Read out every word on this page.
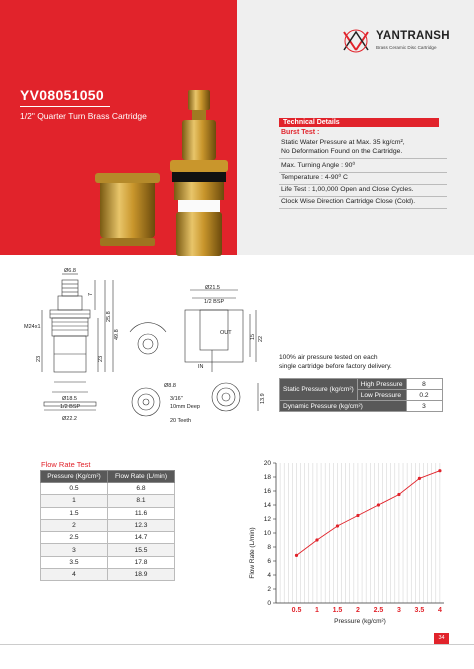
YANTRANSH
Brass Ceramic Disc Cartridge
YV08051050
1/2" Quarter Turn Brass Cartridge
Technical Details
Burst Test :
Static Water Pressure at Max. 35 kg/cm²,
No Deformation Found on the Cartridge.
Max. Turning Angle : 90⁰
Temperature : 4-90⁰ C
Life Test : 1,00,000 Open and Close Cycles.
Clock Wise Direction Cartridge Close (Cold).
Ø6.8
M24x1
7
25.8
49.8
23	23
Ø18.5
1/2 BSP
Ø22.2
Ø21.5
1/2 BSP
OUT
IN
22
15
13.9
Ø8.8
3/16"
10mm Deep
20 Teeth
100% air pressure tested on each
single cartridge before factory delivery.
Static Pressure (kg/cm²)	High Pressure	8
	Low Pressure	0.2
Dynamic Pressure (kg/cm²)		3
Flow Rate Test
Pressure (Kg/cm²)	Flow Rate (L/min)
0.5	6.8
1	8.1
1.5	11.6
2	12.3
2.5	14.7
3	15.5
3.5	17.8
4	18.9
0
2
4
6
8
10
12
14
16
18
20
0.5 1 1.5 2 2.5 3 3.5 4
Pressure (kg/cm²)
Flow Rate (L/min)
34
